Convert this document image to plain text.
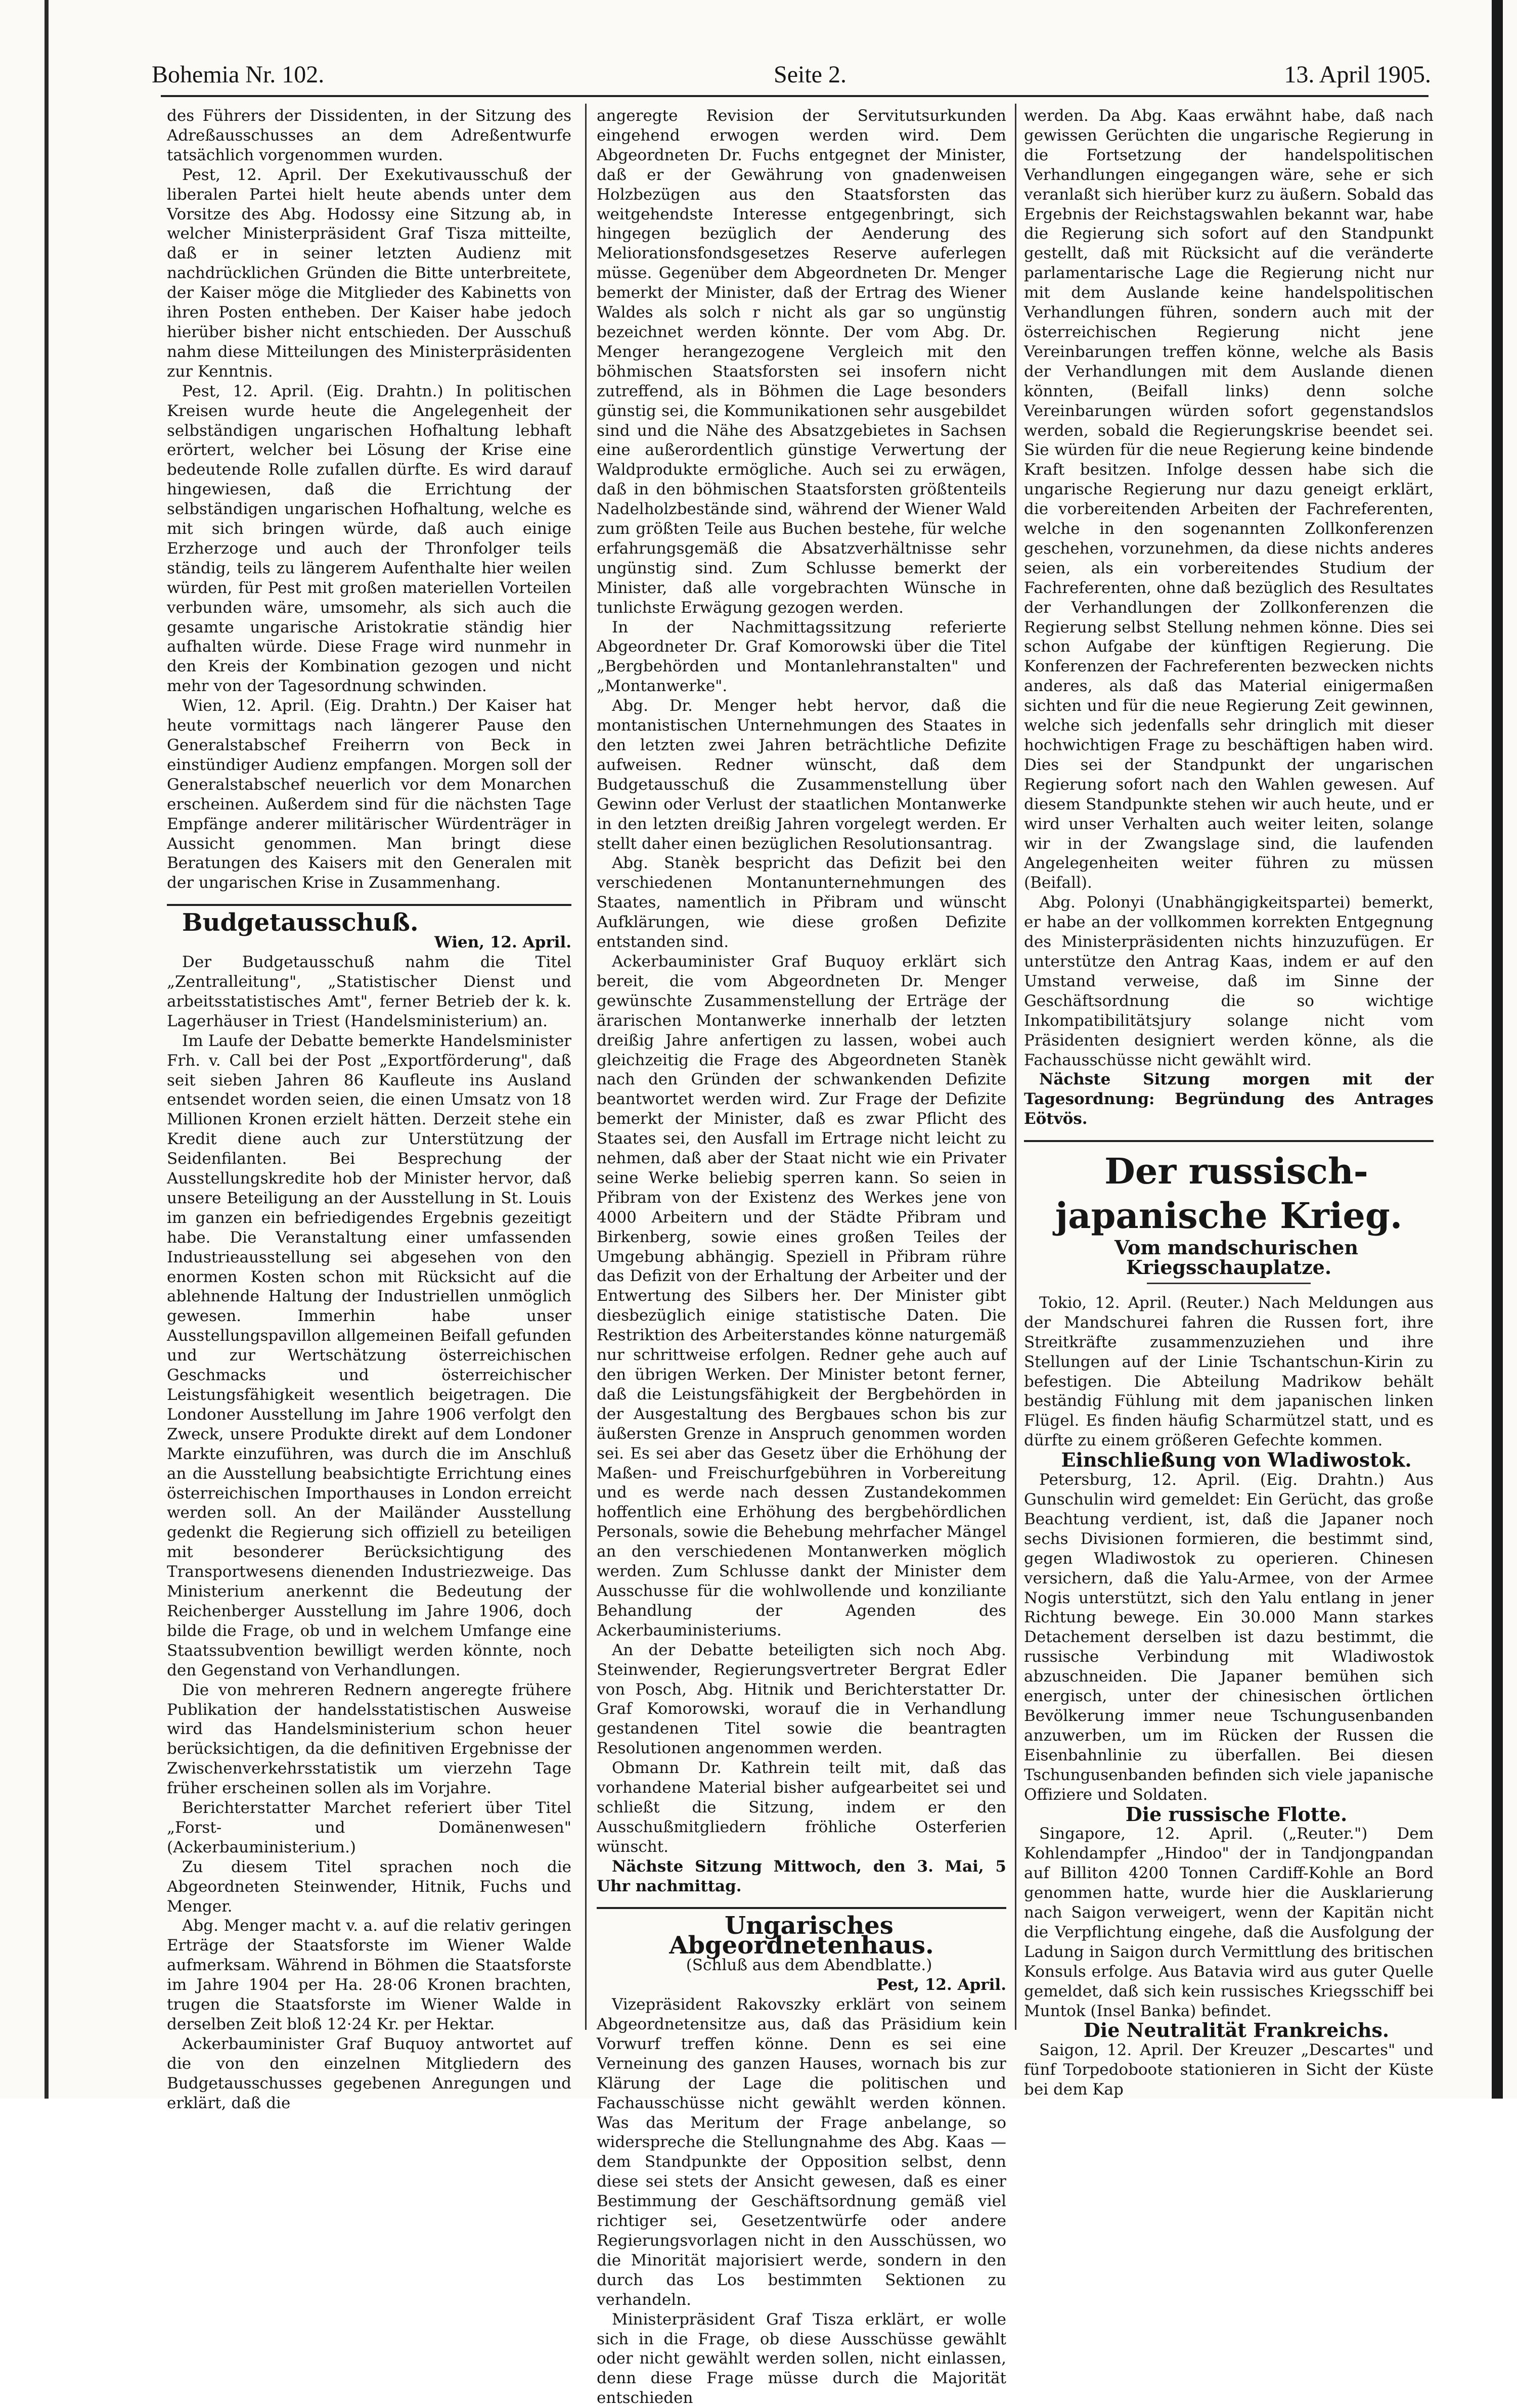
Bohemia Nr. 102.	Seite 2.	13. April 1905.

des Führers der Dissidenten, in der Sitzung des Adreßausschusses an dem Adreßentwurfe tatsächlich vorgenommen wurden.

Pest, 12. April. Der Exekutivausschuß der liberalen Partei hielt heute abends unter dem Vorsitze des Abg. Hodossy eine Sitzung ab, in welcher Ministerpräsident Graf Tisza mitteilte, daß er in seiner letzten Audienz mit nachdrücklichen Gründen die Bitte unterbreitete, der Kaiser möge die Mitglieder des Kabinetts von ihren Posten entheben. Der Kaiser habe jedoch hierüber bisher nicht entschieden. Der Ausschuß nahm diese Mitteilungen des Ministerpräsidenten zur Kenntnis.

Pest, 12. April. (Eig. Drahtn.) In politischen Kreisen wurde heute die Angelegenheit der selbständigen ungarischen Hofhaltung lebhaft erörtert, welcher bei Lösung der Krise eine bedeutende Rolle zufallen dürfte. Es wird darauf hingewiesen, daß die Errichtung der selbständigen ungarischen Hofhaltung, welche es mit sich bringen würde, daß auch einige Erzherzoge und auch der Thronfolger teils ständig, teils zu längerem Aufenthalte hier weilen würden, für Pest mit großen materiellen Vorteilen verbunden wäre, umsomehr, als sich auch die gesamte ungarische Aristokratie ständig hier aufhalten würde. Diese Frage wird nunmehr in den Kreis der Kombination gezogen und nicht mehr von der Tagesordnung schwinden.

Wien, 12. April. (Eig. Drahtn.) Der Kaiser hat heute vormittags nach längerer Pause den Generalstabschef Freiherrn von Beck in einstündiger Audienz empfangen. Morgen soll der Generalstabschef neuerlich vor dem Monarchen erscheinen. Außerdem sind für die nächsten Tage Empfänge anderer militärischer Würdenträger in Aussicht genommen. Man bringt diese Beratungen des Kaisers mit den Generalen mit der ungarischen Krise in Zusammenhang.

Budgetausschuß.

Wien, 12. April.

Der Budgetausschuß nahm die Titel „Zentralleitung", „Statistischer Dienst und arbeitsstatistisches Amt", ferner Betrieb der k. k. Lagerhäuser in Triest (Handelsministerium) an.

Im Laufe der Debatte bemerkte Handelsminister Frh. v. Call bei der Post „Exportförderung", daß seit sieben Jahren 86 Kaufleute ins Ausland entsendet worden seien, die einen Umsatz von 18 Millionen Kronen erzielt hätten. Derzeit stehe ein Kredit diene auch zur Unterstützung der Seidenfilanten. Bei Besprechung der Ausstellungskredite hob der Minister hervor, daß unsere Beteiligung an der Ausstellung in St. Louis im ganzen ein befriedigendes Ergebnis gezeitigt habe. Die Veranstaltung einer umfassenden Industrieausstellung sei abgesehen von den enormen Kosten schon mit Rücksicht auf die ablehnende Haltung der Industriellen unmöglich gewesen. Immerhin habe unser Ausstellungspavillon allgemeinen Beifall gefunden und zur Wertschätzung österreichischen Geschmacks und österreichischer Leistungsfähigkeit wesentlich beigetragen. Die Londoner Ausstellung im Jahre 1906 verfolgt den Zweck, unsere Produkte direkt auf dem Londoner Markte einzuführen, was durch die im Anschluß an die Ausstellung beabsichtigte Errichtung eines österreichischen Importhauses in London erreicht werden soll. An der Mailänder Ausstellung gedenkt die Regierung sich offiziell zu beteiligen mit besonderer Berücksichtigung des Transportwesens dienenden Industriezweige. Das Ministerium anerkennt die Bedeutung der Reichenberger Ausstellung im Jahre 1906, doch bilde die Frage, ob und in welchem Umfange eine Staatssubvention bewilligt werden könnte, noch den Gegenstand von Verhandlungen.

Die von mehreren Rednern angeregte frühere Publikation der handelsstatistischen Ausweise wird das Handelsministerium schon heuer berücksichtigen, da die definitiven Ergebnisse der Zwischenverkehrsstatistik um vierzehn Tage früher erscheinen sollen als im Vorjahre.

Berichterstatter Marchet referiert über Titel „Forst- und Domänenwesen" (Ackerbauministerium.)

Zu diesem Titel sprachen noch die Abgeordneten Steinwender, Hitnik, Fuchs und Menger.

Abg. Menger macht v. a. auf die relativ geringen Erträge der Staatsforste im Wiener Walde aufmerksam. Während in Böhmen die Staatsforste im Jahre 1904 per Ha. 28·06 Kronen brachten, trugen die Staatsforste im Wiener Walde in derselben Zeit bloß 12·24 Kr. per Hektar.

Ackerbauminister Graf Buquoy antwortet auf die von den einzelnen Mitgliedern des Budgetausschusses gegebenen Anregungen und erklärt, daß die

angeregte Revision der Servitutsurkunden eingehend erwogen werden wird. Dem Abgeordneten Dr. Fuchs entgegnet der Minister, daß er der Gewährung von gnadenweisen Holzbezügen aus den Staatsforsten das weitgehendste Interesse entgegenbringt, sich hingegen bezüglich der Aenderung des Meliorationsfondsgesetzes Reserve auferlegen müsse. Gegenüber dem Abgeordneten Dr. Menger bemerkt der Minister, daß der Ertrag des Wiener Waldes als solch r nicht als gar so ungünstig bezeichnet werden könnte. Der vom Abg. Dr. Menger herangezogene Vergleich mit den böhmischen Staatsforsten sei insofern nicht zutreffend, als in Böhmen die Lage besonders günstig sei, die Kommunikationen sehr ausgebildet sind und die Nähe des Absatzgebietes in Sachsen eine außerordentlich günstige Verwertung der Waldprodukte ermögliche. Auch sei zu erwägen, daß in den böhmischen Staatsforsten größtenteils Nadelholzbestände sind, während der Wiener Wald zum größten Teile aus Buchen bestehe, für welche erfahrungsgemäß die Absatzverhältnisse sehr ungünstig sind. Zum Schlusse bemerkt der Minister, daß alle vorgebrachten Wünsche in tunlichste Erwägung gezogen werden.

In der Nachmittagssitzung referierte Abgeordneter Dr. Graf Komorowski über die Titel „Bergbehörden und Montanlehranstalten" und „Montanwerke".

Abg. Dr. Menger hebt hervor, daß die montanistischen Unternehmungen des Staates in den letzten zwei Jahren beträchtliche Defizite aufweisen. Redner wünscht, daß dem Budgetausschuß die Zusammenstellung über Gewinn oder Verlust der staatlichen Montanwerke in den letzten dreißig Jahren vorgelegt werden. Er stellt daher einen bezüglichen Resolutionsantrag.

Abg. Stanèk bespricht das Defizit bei den verschiedenen Montanunternehmungen des Staates, namentlich in Přibram und wünscht Aufklärungen, wie diese großen Defizite entstanden sind.

Ackerbauminister Graf Buquoy erklärt sich bereit, die vom Abgeordneten Dr. Menger gewünschte Zusammenstellung der Erträge der ärarischen Montanwerke innerhalb der letzten dreißig Jahre anfertigen zu lassen, wobei auch gleichzeitig die Frage des Abgeordneten Stanèk nach den Gründen der schwankenden Defizite beantwortet werden wird. Zur Frage der Defizite bemerkt der Minister, daß es zwar Pflicht des Staates sei, den Ausfall im Ertrage nicht leicht zu nehmen, daß aber der Staat nicht wie ein Privater seine Werke beliebig sperren kann. So seien in Přibram von der Existenz des Werkes jene von 4000 Arbeitern und der Städte Přibram und Birkenberg, sowie eines großen Teiles der Umgebung abhängig. Speziell in Přibram rühre das Defizit von der Erhaltung der Arbeiter und der Entwertung des Silbers her. Der Minister gibt diesbezüglich einige statistische Daten. Die Restriktion des Arbeiterstandes könne naturgemäß nur schrittweise erfolgen. Redner gehe auch auf den übrigen Werken. Der Minister betont ferner, daß die Leistungsfähigkeit der Bergbehörden in der Ausgestaltung des Bergbaues schon bis zur äußersten Grenze in Anspruch genommen worden sei. Es sei aber das Gesetz über die Erhöhung der Maßen- und Freischurfgebühren in Vorbereitung und es werde nach dessen Zustandekommen hoffentlich eine Erhöhung des bergbehördlichen Personals, sowie die Behebung mehrfacher Mängel an den verschiedenen Montanwerken möglich werden. Zum Schlusse dankt der Minister dem Ausschusse für die wohlwollende und konziliante Behandlung der Agenden des Ackerbauministeriums.

An der Debatte beteiligten sich noch Abg. Steinwender, Regierungsvertreter Bergrat Edler von Posch, Abg. Hitnik und Berichterstatter Dr. Graf Komorowski, worauf die in Verhandlung gestandenen Titel sowie die beantragten Resolutionen angenommen werden.

Obmann Dr. Kathrein teilt mit, daß das vorhandene Material bisher aufgearbeitet sei und schließt die Sitzung, indem er den Ausschußmitgliedern fröhliche Osterferien wünscht.

Nächste Sitzung Mittwoch, den 3. Mai, 5 Uhr nachmittag.

Ungarisches Abgeordnetenhaus.

(Schluß aus dem Abendblatte.)

Pest, 12. April.

Vizepräsident Rakovszky erklärt von seinem Abgeordnetensitze aus, daß das Präsidium kein Vorwurf treffen könne. Denn es sei eine Verneinung des ganzen Hauses, wornach bis zur Klärung der Lage die politischen und Fachausschüsse nicht gewählt werden können. Was das Meritum der Frage anbelange, so widerspreche die Stellungnahme des Abg. Kaas — dem Standpunkte der Opposition selbst, denn diese sei stets der Ansicht gewesen, daß es einer Bestimmung der Geschäftsordnung gemäß viel richtiger sei, Gesetzentwürfe oder andere Regierungsvorlagen nicht in den Ausschüssen, wo die Minorität majorisiert werde, sondern in den durch das Los bestimmten Sektionen zu verhandeln.

Ministerpräsident Graf Tisza erklärt, er wolle sich in die Frage, ob diese Ausschüsse gewählt oder nicht gewählt werden sollen, nicht einlassen, denn diese Frage müsse durch die Majorität entschieden

werden. Da Abg. Kaas erwähnt habe, daß nach gewissen Gerüchten die ungarische Regierung in die Fortsetzung der handelspolitischen Verhandlungen eingegangen wäre, sehe er sich veranlaßt sich hierüber kurz zu äußern. Sobald das Ergebnis der Reichstagswahlen bekannt war, habe die Regierung sich sofort auf den Standpunkt gestellt, daß mit Rücksicht auf die veränderte parlamentarische Lage die Regierung nicht nur mit dem Auslande keine handelspolitischen Verhandlungen führen, sondern auch mit der österreichischen Regierung nicht jene Vereinbarungen treffen könne, welche als Basis der Verhandlungen mit dem Auslande dienen könnten, (Beifall links) denn solche Vereinbarungen würden sofort gegenstandslos werden, sobald die Regierungskrise beendet sei. Sie würden für die neue Regierung keine bindende Kraft besitzen. Infolge dessen habe sich die ungarische Regierung nur dazu geneigt erklärt, die vorbereitenden Arbeiten der Fachreferenten, welche in den sogenannten Zollkonferenzen geschehen, vorzunehmen, da diese nichts anderes seien, als ein vorbereitendes Studium der Fachreferenten, ohne daß bezüglich des Resultates der Verhandlungen der Zollkonferenzen die Regierung selbst Stellung nehmen könne. Dies sei schon Aufgabe der künftigen Regierung. Die Konferenzen der Fachreferenten bezwecken nichts anderes, als daß das Material einigermaßen sichten und für die neue Regierung Zeit gewinnen, welche sich jedenfalls sehr dringlich mit dieser hochwichtigen Frage zu beschäftigen haben wird. Dies sei der Standpunkt der ungarischen Regierung sofort nach den Wahlen gewesen. Auf diesem Standpunkte stehen wir auch heute, und er wird unser Verhalten auch weiter leiten, solange wir in der Zwangslage sind, die laufenden Angelegenheiten weiter führen zu müssen (Beifall).

Abg. Polonyi (Unabhängigkeitspartei) bemerkt, er habe an der vollkommen korrekten Entgegnung des Ministerpräsidenten nichts hinzuzufügen. Er unterstütze den Antrag Kaas, indem er auf den Umstand verweise, daß im Sinne der Geschäftsordnung die so wichtige Inkompatibilitätsjury solange nicht vom Präsidenten designiert werden könne, als die Fachausschüsse nicht gewählt wird.

Nächste Sitzung morgen mit der Tagesordnung: Begründung des Antrages Eötvös.

Der russisch-japanische Krieg.

Vom mandschurischen Kriegsschauplatze.

Tokio, 12. April. (Reuter.) Nach Meldungen aus der Mandschurei fahren die Russen fort, ihre Streitkräfte zusammenzuziehen und ihre Stellungen auf der Linie Tschantschun-Kirin zu befestigen. Die Abteilung Madrikow behält beständig Fühlung mit dem japanischen linken Flügel. Es finden häufig Scharmützel statt, und es dürfte zu einem größeren Gefechte kommen.

Einschließung von Wladiwostok.

Petersburg, 12. April. (Eig. Drahtn.) Aus Gunschulin wird gemeldet: Ein Gerücht, das große Beachtung verdient, ist, daß die Japaner noch sechs Divisionen formieren, die bestimmt sind, gegen Wladiwostok zu operieren. Chinesen versichern, daß die Yalu-Armee, von der Armee Nogis unterstützt, sich den Yalu entlang in jener Richtung bewege. Ein 30.000 Mann starkes Detachement derselben ist dazu bestimmt, die russische Verbindung mit Wladiwostok abzuschneiden. Die Japaner bemühen sich energisch, unter der chinesischen örtlichen Bevölkerung immer neue Tschungusenbanden anzuwerben, um im Rücken der Russen die Eisenbahnlinie zu überfallen. Bei diesen Tschungusenbanden befinden sich viele japanische Offiziere und Soldaten.

Die russische Flotte.

Singapore, 12. April. („Reuter.") Dem Kohlendampfer „Hindoo" der in Tandjongpandan auf Billiton 4200 Tonnen Cardiff-Kohle an Bord genommen hatte, wurde hier die Ausklarierung nach Saigon verweigert, wenn der Kapitän nicht die Verpflichtung eingehe, daß die Ausfolgung der Ladung in Saigon durch Vermittlung des britischen Konsuls erfolge. Aus Batavia wird aus guter Quelle gemeldet, daß sich kein russisches Kriegsschiff bei Muntok (Insel Banka) befindet.

Die Neutralität Frankreichs.

Saigon, 12. April. Der Kreuzer „Descartes" und fünf Torpedoboote stationieren in Sicht der Küste bei dem Kap
